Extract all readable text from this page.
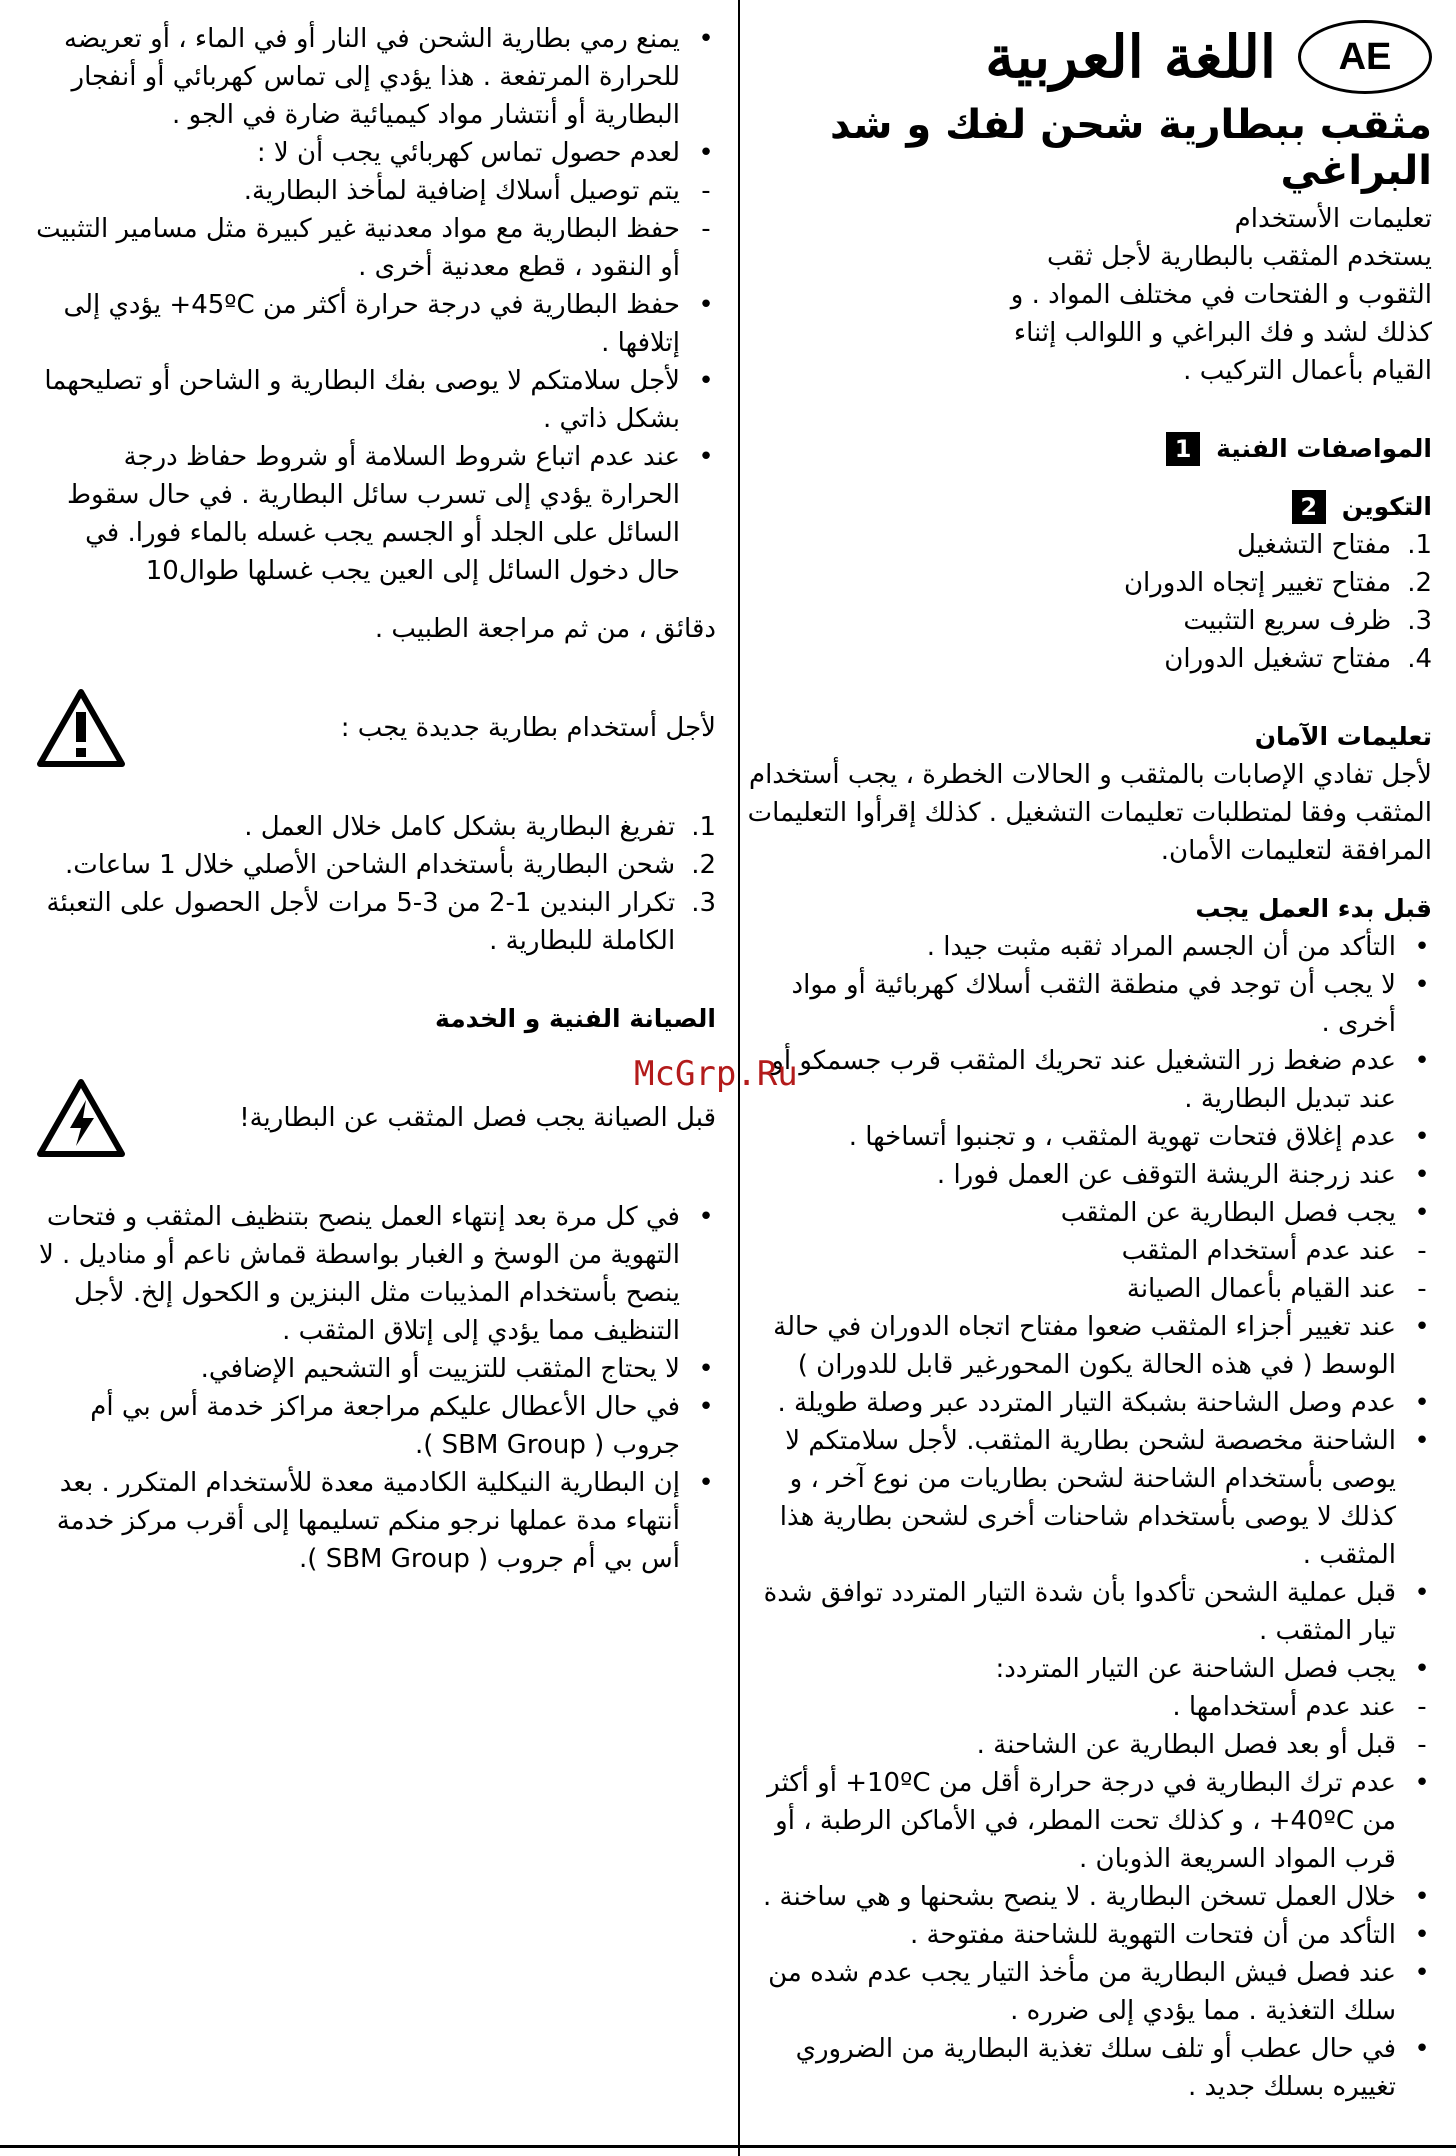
AE
اللغة العربية
مثقب ببطارية شحن لفك و شد البراغي

تعليمات الأستخدام

يستخدم المثقب بالبطارية لأجل ثقب الثقوب و الفتحات في مختلف المواد . و كذلك لشد و فك البراغي و اللوالب إثناء القيام بأعمال التركيب .

المواصفات الفنية
1
التكوين
2
1.
مفتاح التشغيل
2.
مفتاح تغيير إتجاه الدوران
3.
ظرف سريع التثبيت
4.
مفتاح تشغيل الدوران

تعليمات الآمان

لأجل تفادي الإصابات بالمثقب و الحالات الخطرة ، يجب أستخدام المثقب وفقا لمتطلبات تعليمات التشغيل . كذلك إقرأوا التعليمات المرافقة لتعليمات الأمان.

قبل بدء العمل يجب

•
التأكد من أن الجسم المراد ثقبه مثبت جيدا .
•
لا يجب أن توجد في منطقة الثقب أسلاك كهربائية أو مواد أخرى .
•
عدم ضغط زر التشغيل عند تحريك المثقب قرب جسمكو أو عند تبديل البطارية .
•
عدم إغلاق فتحات تهوية المثقب ، و تجنبوا أتساخها .
•
عند زرجنة الريشة التوقف عن العمل فورا .
•
يجب فصل البطارية عن المثقب
-
عند عدم أستخدام المثقب
-
عند القيام بأعمال الصيانة
•
عند تغيير أجزاء المثقب ضعوا مفتاح اتجاه الدوران في حالة الوسط ( في هذه الحالة يكون المحورغير قابل للدوران )
•
عدم وصل الشاحنة بشبكة التيار المتردد عبر وصلة طويلة .
•
الشاحنة مخصصة لشحن بطارية المثقب. لأجل سلامتكم لا يوصى بأستخدام الشاحنة لشحن بطاريات من نوع آخر ، و كذلك لا يوصى بأستخدام شاحنات أخرى لشحن بطارية هذا المثقب .
•
قبل عملية الشحن تأكدوا بأن شدة التيار المتردد توافق شدة تيار المثقب .
•
يجب فصل الشاحنة عن التيار المتردد:
-
عند عدم أستخدامها .
-
قبل أو بعد فصل البطارية عن الشاحنة .
•
عدم ترك البطارية في درجة حرارة أقل من 10ºC+ أو أكثر من 40ºC+ ، و كذلك تحت المطر، في الأماكن الرطبة ، أو قرب المواد السريعة الذوبان .
•
خلال العمل تسخن البطارية . لا ينصح بشحنها و هي ساخنة .
•
التأكد من أن فتحات التهوية للشاحنة مفتوحة .
•
عند فصل فيش البطارية من مأخذ التيار يجب عدم شده من سلك التغذية . مما يؤدي إلى ضرره .
•
في حال عطب أو تلف سلك تغذية البطارية من الضروري تغييره بسلك جديد .
•
يمنع رمي بطارية الشحن في النار أو في الماء ، أو تعريضه للحرارة المرتفعة . هذا يؤدي إلى تماس كهربائي أو أنفجار البطارية أو أنتشار مواد كيميائية ضارة في الجو .
•
لعدم حصول تماس كهربائي يجب أن لا :
-
يتم توصيل أسلاك إضافية لمأخذ البطارية.
-
حفظ البطارية مع مواد معدنية غير كبيرة مثل مسامير التثبيت أو النقود ، قطع معدنية أخرى .
•
حفظ البطارية في درجة حرارة أكثر من 45ºC+ يؤدي إلى إتلافها .
•
لأجل سلامتكم لا يوصى بفك البطارية و الشاحن أو تصليحهما بشكل ذاتي .
•
عند عدم اتباع شروط السلامة أو شروط حفاظ درجة الحرارة يؤدي إلى تسرب سائل البطارية . في حال سقوط السائل على الجلد أو الجسم يجب غسله بالماء فورا. في حال دخول السائل إلى العين يجب غسلها طوال10

دقائق ، من ثم مراجعة الطبيب .

لأجل أستخدام بطارية جديدة يجب :

1.
تفريغ البطارية بشكل كامل خلال العمل .
2.
شحن البطارية بأستخدام الشاحن الأصلي خلال 1 ساعات.
3.
تكرار البندين 1-2 من 3-5 مرات لأجل الحصول على التعبئة الكاملة للبطارية .

الصيانة الفنية و الخدمة

قبل الصيانة يجب فصل المثقب عن البطارية!

•
في كل مرة بعد إنتهاء العمل ينصح بتنظيف المثقب و فتحات التهوية من الوسخ و الغبار بواسطة قماش ناعم أو مناديل . لا ينصح بأستخدام المذيبات مثل البنزين و الكحول إلخ. لأجل التنظيف مما يؤدي إلى إتلاق المثقب .
•
لا يحتاج المثقب للتزييت أو التشحيم الإضافي.
•
في حال الأعطال عليكم مراجعة مراكز خدمة أس بي أم جروب ( SBM Group ).
•
إن البطارية النيكلية الكادمية معدة للأستخدام المتكرر . بعد أنتهاء مدة عملها نرجو منكم تسليمها إلى أقرب مركز خدمة أس بي أم جروب ( SBM Group ).
McGrp.Ru
